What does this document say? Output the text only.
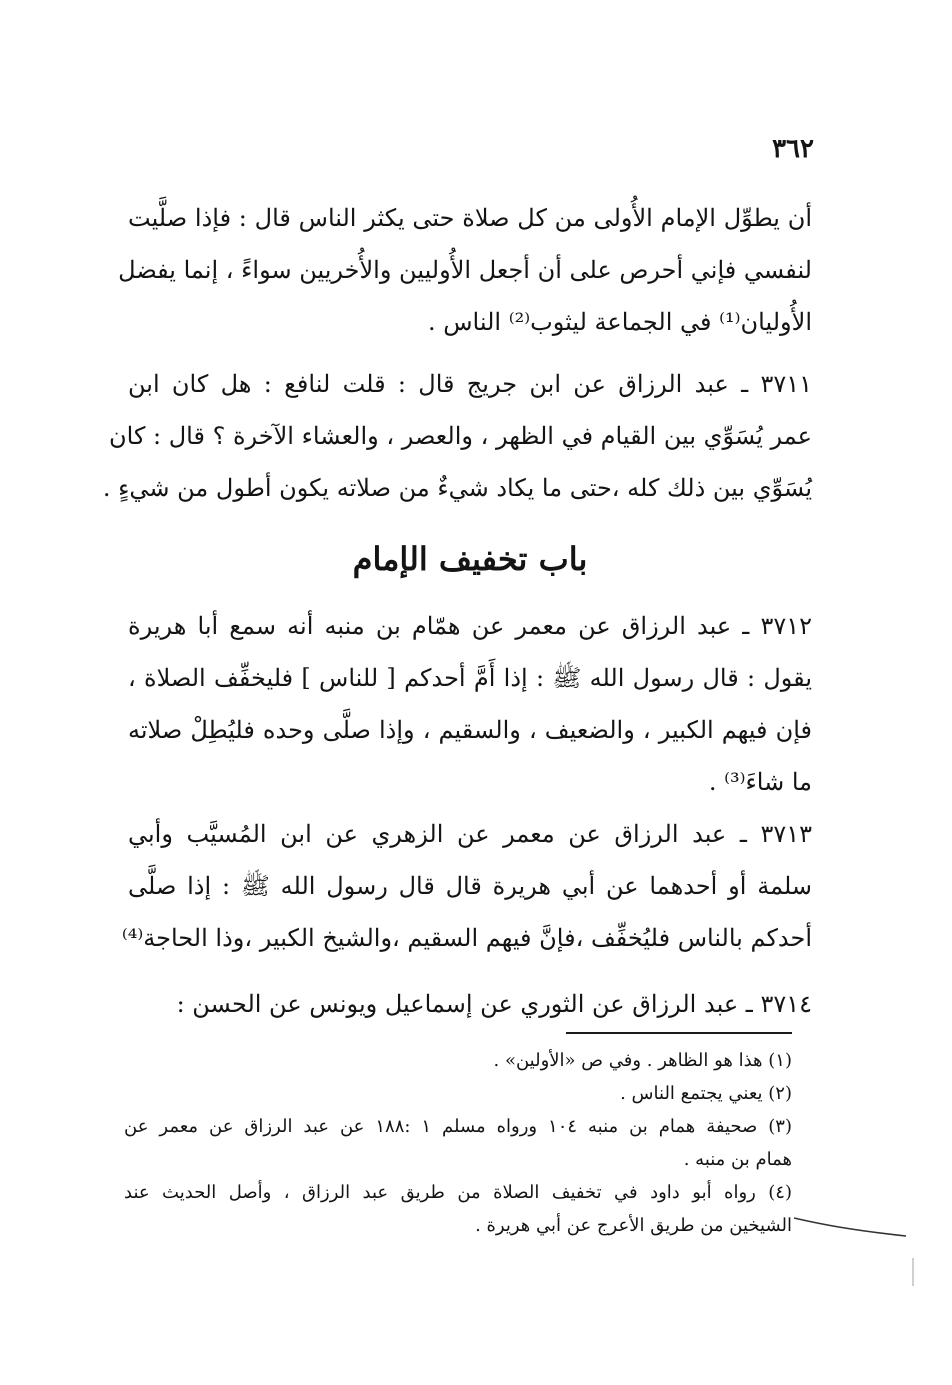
٣٦٢

أن يطوِّل الإمام الأُولى من كل صلاة حتى يكثر الناس قال : فإذا صلَّيت

لنفسي فإني أحرص على أن أجعل الأُوليين والأُخريين سواءً ، إنما يفضل

الأُوليان⁽¹⁾ في الجماعة ليثوب⁽²⁾ الناس .

٣٧١١ ـ عبد الرزاق عن ابن جريج قال : قلت لنافع : هل كان ابن

عمر يُسَوِّي بين القيام في الظهر ، والعصر ، والعشاء الآخرة ؟ قال : كان

يُسَوِّي بين ذلك كله ،حتى ما يكاد شيءٌ من صلاته يكون أطول من شيءٍ .

باب تخفيف الإمام

٣٧١٢ ـ عبد الرزاق عن معمر عن همّام بن منبه أنه سمع أبا هريرة

يقول : قال رسول الله ﷺ : إذا أَمَّ أحدكم [ للناس ] فليخفِّف الصلاة ،

فإن فيهم الكبير ، والضعيف ، والسقيم ، وإذا صلَّى وحده فليُطِلْ صلاته

ما شاءَ⁽³⁾ .

٣٧١٣ ـ عبد الرزاق عن معمر عن الزهري عن ابن المُسيَّب وأبي

سلمة أو أحدهما عن أبي هريرة قال قال رسول الله ﷺ : إذا صلَّى

أحدكم بالناس فليُخفِّف ،فإنَّ فيهم السقيم ،والشيخ الكبير ،وذا الحاجة⁽⁴⁾

٣٧١٤ ـ عبد الرزاق عن الثوري عن إسماعيل ويونس عن الحسن :

(١) هذا هو الظاهر . وفي ص «الأولين» .

(٢) يعني يجتمع الناس .

(٣) صحيفة همام بن منبه ١٠٤ ورواه مسلم ١ :١٨٨ عن عبد الرزاق عن معمر عن

همام بن منبه .

(٤) رواه أبو داود في تخفيف الصلاة من طريق عبد الرزاق ، وأصل الحديث عند

الشيخين من طريق الأعرج عن أبي هريرة .
